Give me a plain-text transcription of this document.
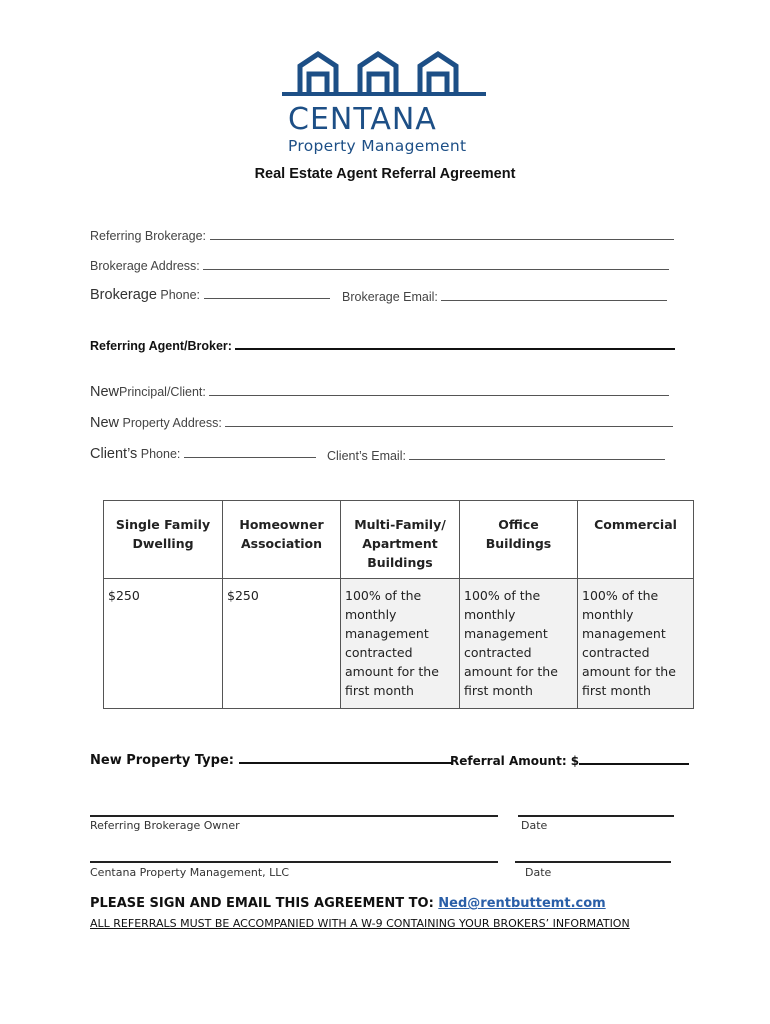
CENTANA
Property Management
Real Estate Agent Referral Agreement
Referring Brokerage:
Brokerage Address:
Brokerage Phone:	Brokerage Email:
Referring Agent/Broker:
NewPrincipal/Client:
New Property Address:
Client’s Phone:	Client’s Email:
Single Family Dwelling	Homeowner Association	Multi-Family/ Apartment Buildings	Office Buildings	Commercial
$250	$250	100% of the monthly management contracted amount for the first month	100% of the monthly management contracted amount for the first month	100% of the monthly management contracted amount for the first month
New Property Type:	Referral Amount: $
Referring Brokerage Owner	Date
Centana Property Management, LLC	Date
PLEASE SIGN AND EMAIL THIS AGREEMENT TO: Ned@rentbuttemt.com
ALL REFERRALS MUST BE ACCOMPANIED WITH A W-9 CONTAINING YOUR BROKERS’ INFORMATION
